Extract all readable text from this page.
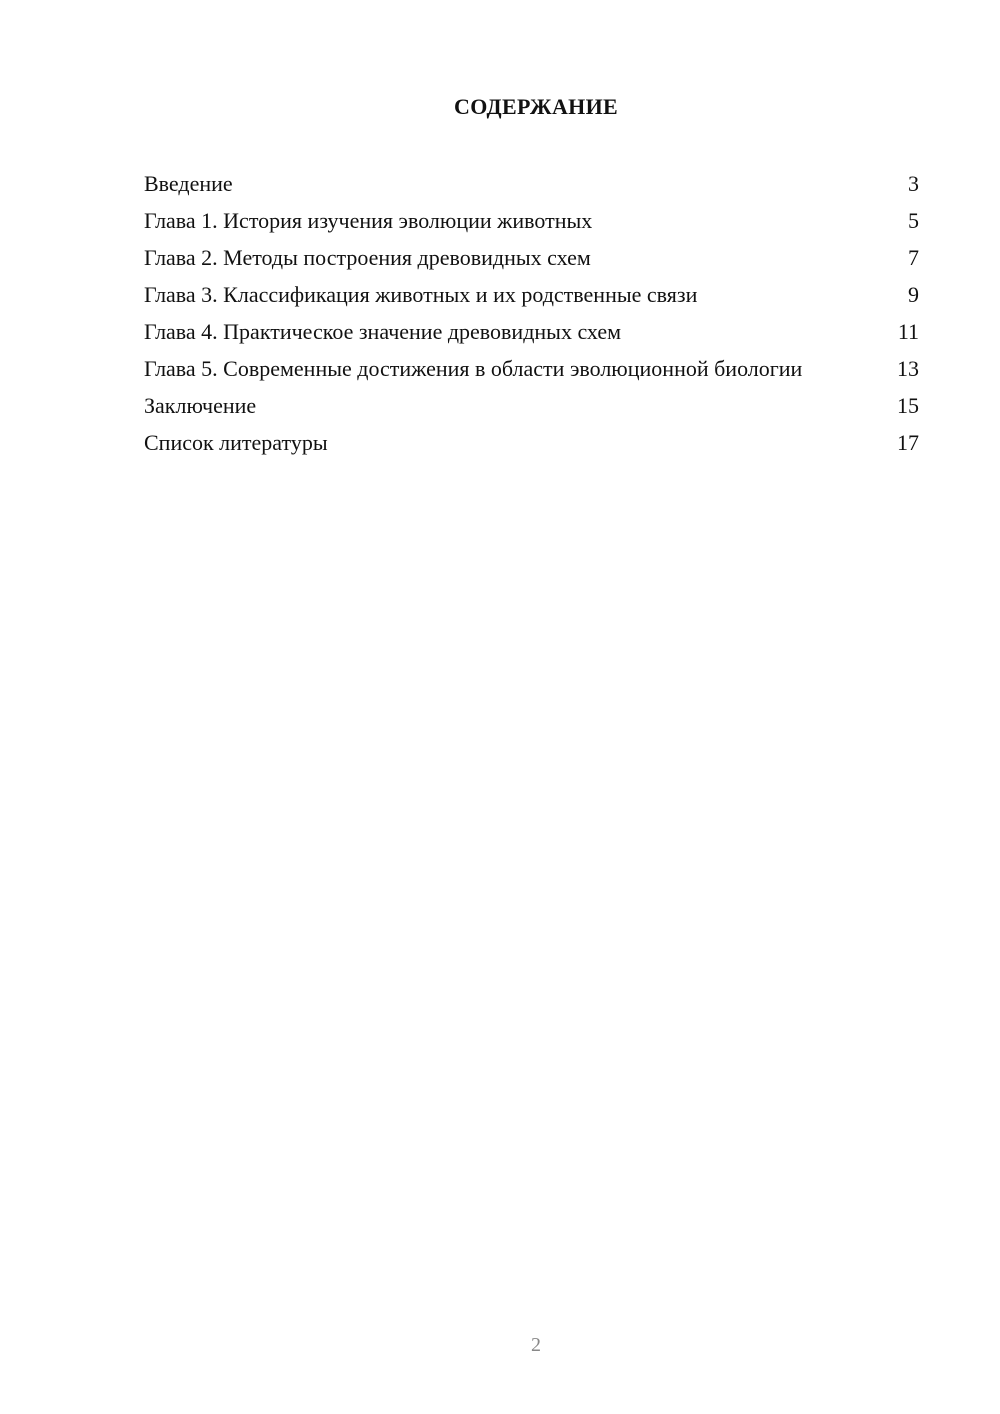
СОДЕРЖАНИЕ
Введение	3
Глава 1. История изучения эволюции животных	5
Глава 2. Методы построения древовидных схем	7
Глава 3. Классификация животных и их родственные связи	9
Глава 4. Практическое значение древовидных схем	11
Глава 5. Современные достижения в области эволюционной биологии	13
Заключение	15
Список литературы	17
2
